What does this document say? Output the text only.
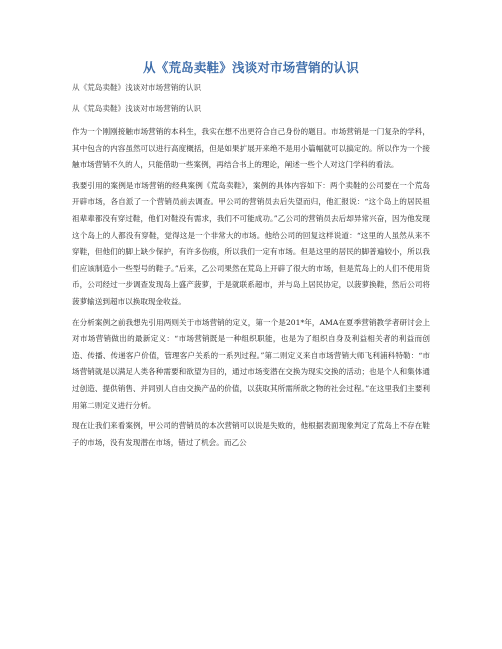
从《荒岛卖鞋》浅谈对市场营销的认识
从《荒岛卖鞋》浅谈对市场营销的认识
从《荒岛卖鞋》浅谈对市场营销的认识

作为一个刚刚接触市场营销的本科生，我实在想不出更符合自己身份的题目。市场营销是一门复杂的学科，其中包含的内容虽然可以进行高度概括，但是如果扩展开来绝不是用小篇幅就可以搞定的。所以作为一个接触市场营销不久的人，只能借助一些案例，再结合书上的理论，阐述一些个人对这门学科的看法。

我要引用的案例是市场营销的经典案例《荒岛卖鞋》，案例的具体内容如下：两个卖鞋的公司要在一个荒岛开辟市场，各自派了一个营销员前去调查。甲公司的营销员去后失望而归，他汇报说：“这个岛上的居民祖祖辈辈都没有穿过鞋，他们对鞋没有需求，我们不可能成功。”乙公司的营销员去后却异常兴奋，因为他发现这个岛上的人都没有穿鞋，觉得这是一个非常大的市场。他给公司的回复这样说道：“这里的人虽然从来不穿鞋，但他们的脚上缺少保护，有许多伤痕，所以我们一定有市场。但是这里的居民的脚普遍较小，所以我们应该制造小一些型号的鞋子。”后来，乙公司果然在荒岛上开辟了很大的市场，但是荒岛上的人们不使用货币，公司经过一步调查发现岛上盛产菠萝，于是就联系超市，并与岛上居民协定，以菠萝换鞋，然后公司将菠萝输送到超市以换取现金收益。

在分析案例之前我想先引用两则关于市场营销的定义，第一个是201*年，AMA在夏季营销教学者研讨会上对市场营销做出的最新定义：“市场营销既是一种组织职能，也是为了组织自身及利益相关者的利益而创造、传播、传递客户价值，管理客户关系的一系列过程。”第二则定义来自市场营销大师飞利浦科特勒：“市场营销就是以满足人类各种需要和欲望为目的，通过市场变潜在交换为现实交换的活动；也是个人和集体通过创造、提供销售、并同别人自由交换产品的价值，以获取其所需所欲之物的社会过程。”在这里我们主要利用第二则定义进行分析。

现在让我们来看案例，甲公司的营销员的本次营销可以说是失败的，他根据表面现象判定了荒岛上不存在鞋子的市场，没有发现潜在市场，错过了机会。而乙公
